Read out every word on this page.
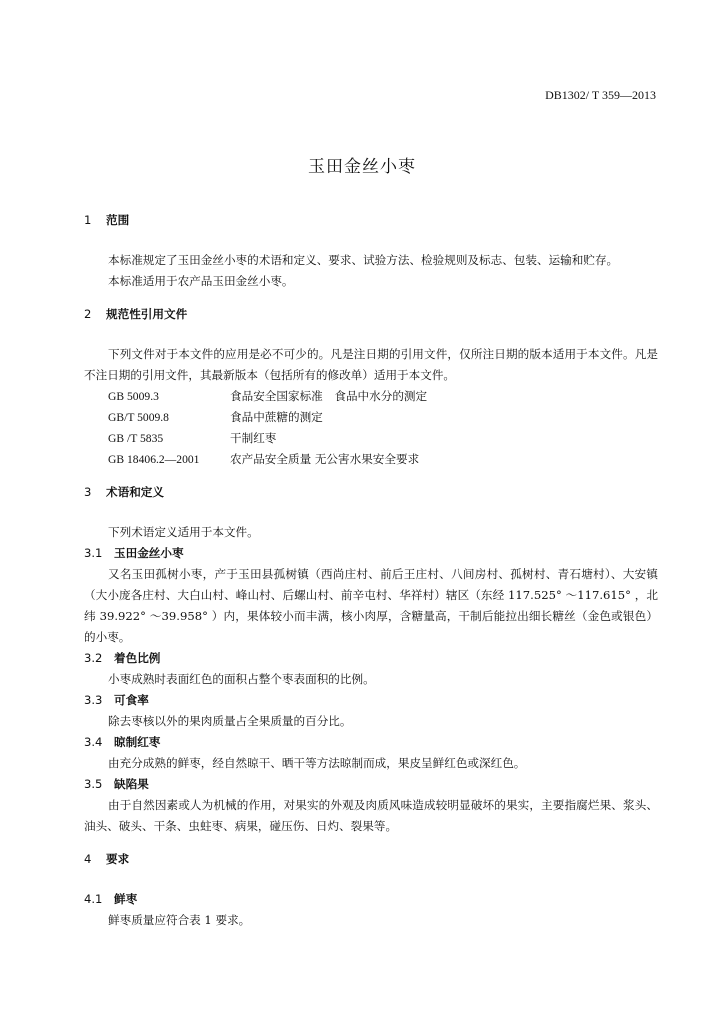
DB1302/ T 359—2013
玉田金丝小枣
1	范围

本标准规定了玉田金丝小枣的术语和定义、要求、试验方法、检验规则及标志、包装、运输和贮存。

本标准适用于农产品玉田金丝小枣。

2	规范性引用文件

下列文件对于本文件的应用是必不可少的。凡是注日期的引用文件，仅所注日期的版本适用于本文件。凡是不注日期的引用文件，其最新版本（包括所有的修改单）适用于本文件。

GB 5009.3	食品安全国家标准　食品中水分的测定
GB/T 5009.8	食品中蔗糖的测定
GB /T 5835	干制红枣
GB 18406.2—2001	农产品安全质量 无公害水果安全要求
3	术语和定义

下列术语定义适用于本文件。

3.1 玉田金丝小枣

又名玉田孤树小枣，产于玉田县孤树镇（西尚庄村、前后王庄村、八间房村、孤树村、青石塘村）、大安镇（大小庞各庄村、大白山村、峰山村、后螺山村、前辛屯村、华祥村）辖区（东经 117.525° ～117.615° ，北纬 39.922° ～39.958° ）内，果体较小而丰满，核小肉厚，含糖量高，干制后能拉出细长糖丝（金色或银色）的小枣。

3.2 着色比例

小枣成熟时表面红色的面积占整个枣表面积的比例。

3.3 可食率

除去枣核以外的果肉质量占全果质量的百分比。

3.4 晾制红枣

由充分成熟的鲜枣，经自然晾干、晒干等方法晾制而成，果皮呈鲜红色或深红色。

3.5 缺陷果

由于自然因素或人为机械的作用，对果实的外观及肉质风味造成较明显破坏的果实，主要指腐烂果、浆头、油头、破头、干条、虫蛀枣、病果，碰压伤、日灼、裂果等。

4	要求
4.1 鲜枣

鲜枣质量应符合表 1 要求。
